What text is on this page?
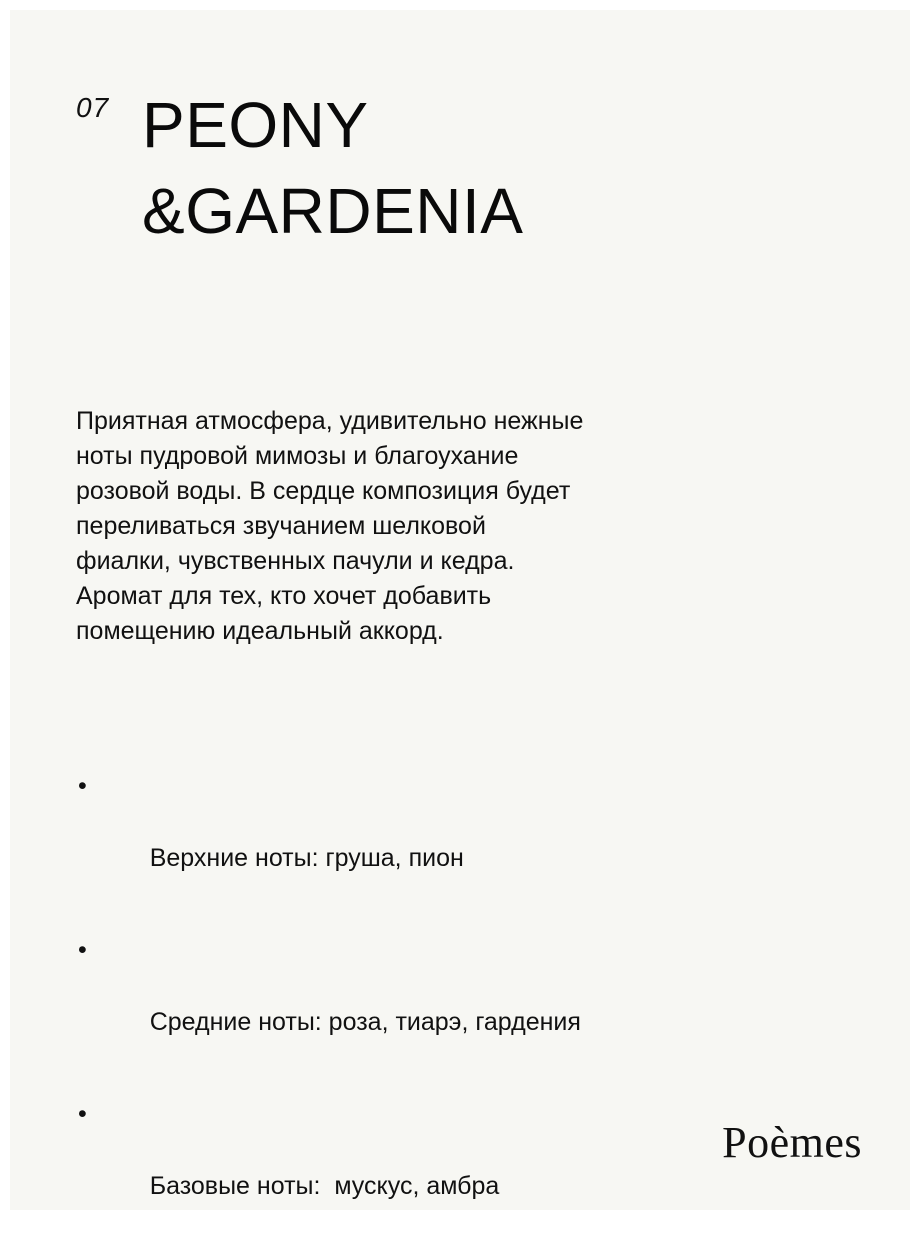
07 PEONY
&GARDENIA
Приятная атмосфера, удивительно нежные
ноты пудровой мимозы и благоухание
розовой воды. В сердце композиция будет
переливаться звучанием шелковой
фиалки, чувственных пачули и кедра.
Аромат для тех, кто хочет добавить
помещению идеальный аккорд.

•

Верхние ноты: груша, пион

•

Средние ноты: роза, тиарэ, гардения

•

Базовые ноты:  мускус, амбра

Poèmes
